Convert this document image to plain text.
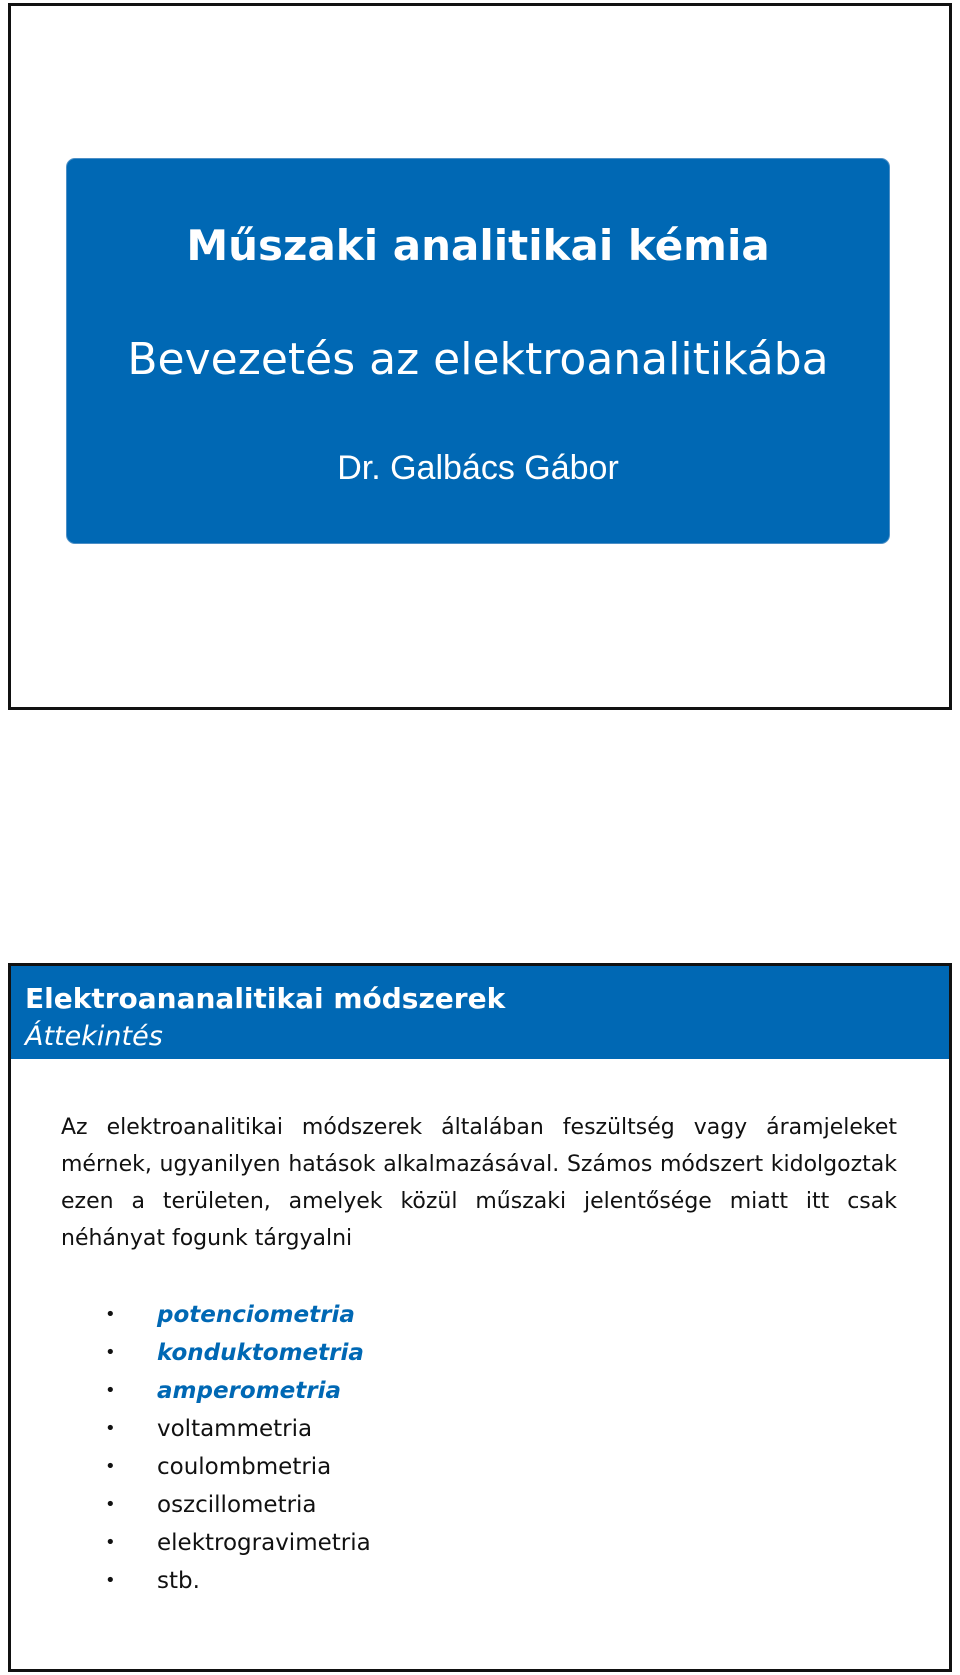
Műszaki analitikai kémia
Bevezetés az elektroanalitikába
Dr. Galbács Gábor
Elektroananalitikai módszerek
Áttekintés
Az elektroanalitikai módszerek általában feszültség vagy áramjeleket mérnek, ugyanilyen hatások alkalmazásával. Számos módszert kidolgoztak ezen a területen, amelyek közül műszaki jelentősége miatt itt csak néhányat fogunk tárgyalni
• potenciometria
• konduktometria
• amperometria
• voltammetria
• coulombmetria
• oszcillometria
• elektrogravimetria
• stb.
